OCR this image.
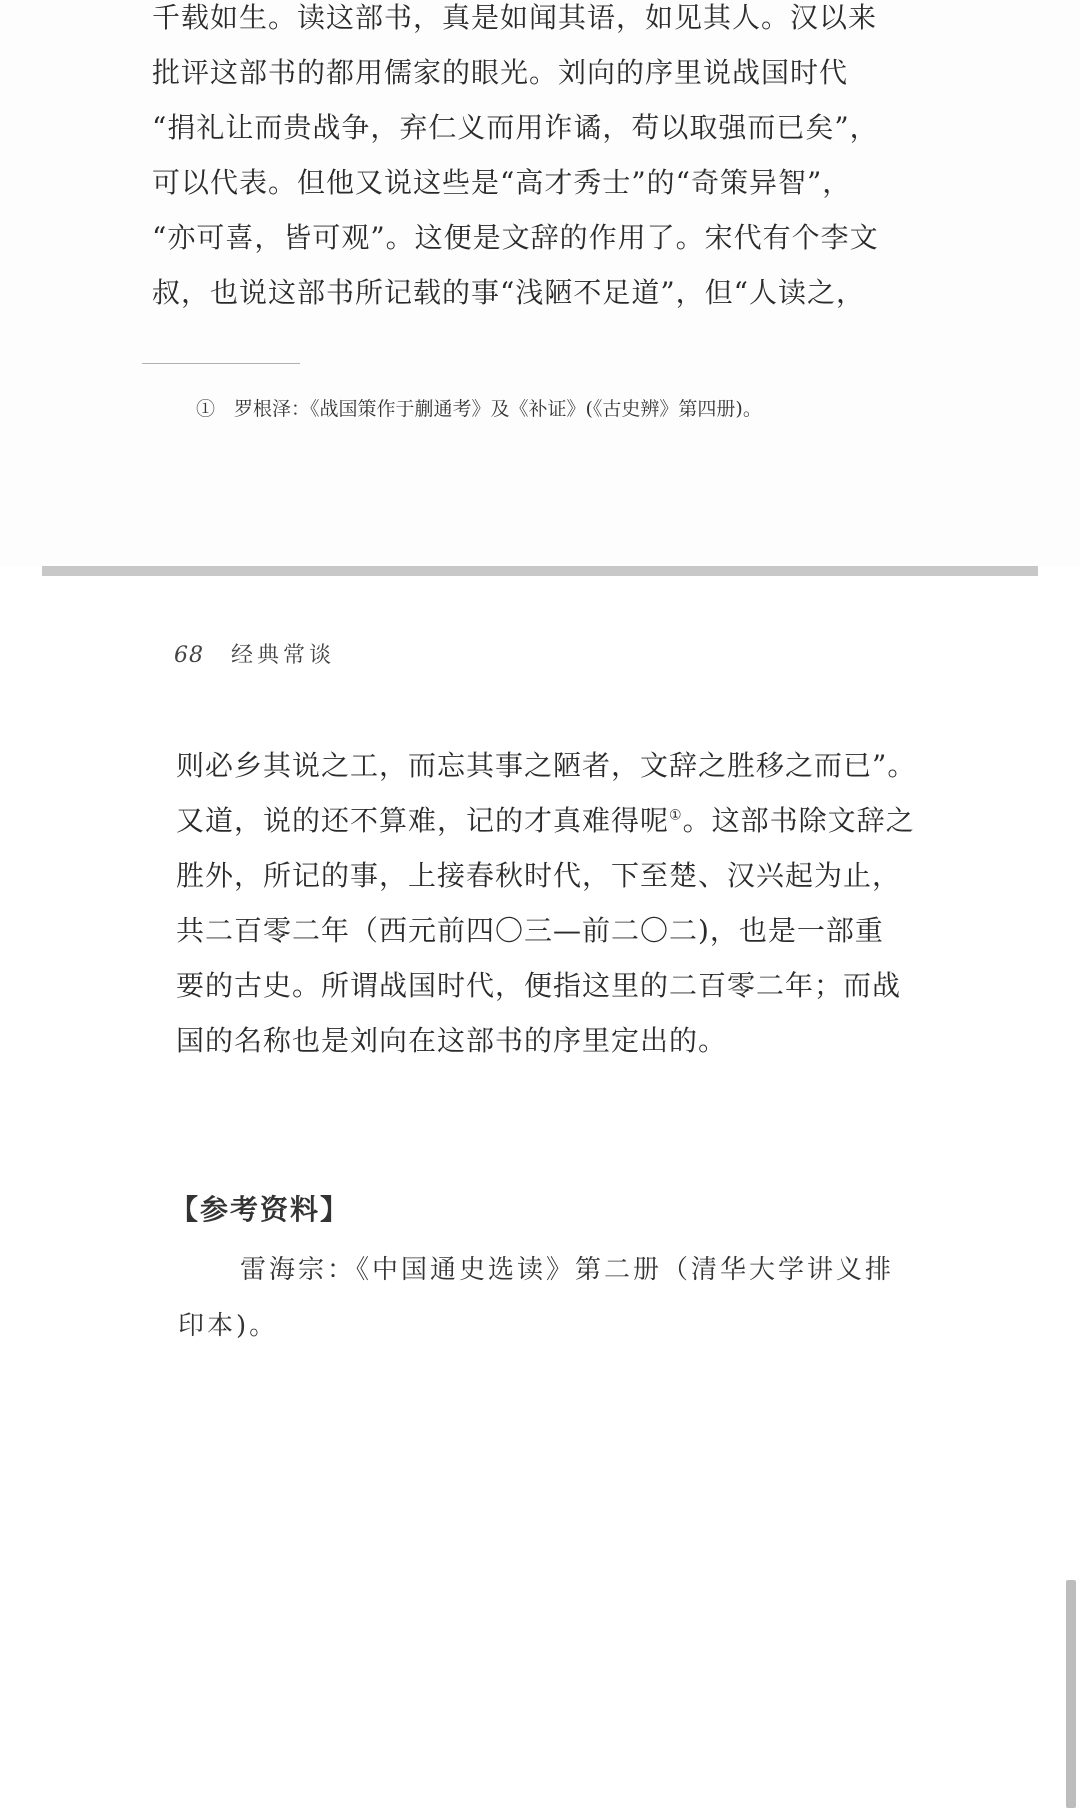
千载如生。读这部书，真是如闻其语，如见其人。汉以来
批评这部书的都用儒家的眼光。刘向的序里说战国时代
“捐礼让而贵战争，弃仁义而用诈谲，苟以取强而已矣”，
可以代表。但他又说这些是“高才秀士”的“奇策异智”，
“亦可喜，皆可观”。这便是文辞的作用了。宋代有个李文
叔，也说这部书所记载的事“浅陋不足道”，但“人读之，
①　罗根泽：《战国策作于蒯通考》及《补证》(《古史辨》第四册)。
68 经典常谈
则必乡其说之工，而忘其事之陋者，文辞之胜移之而已”。
又道，说的还不算难，记的才真难得呢①。这部书除文辞之
胜外，所记的事，上接春秋时代，下至楚、汉兴起为止，
共二百零二年（西元前四〇三—前二〇二)，也是一部重
要的古史。所谓战国时代，便指这里的二百零二年；而战
国的名称也是刘向在这部书的序里定出的。
【参考资料】
雷海宗：《中国通史选读》第二册（清华大学讲义排
印本)。
